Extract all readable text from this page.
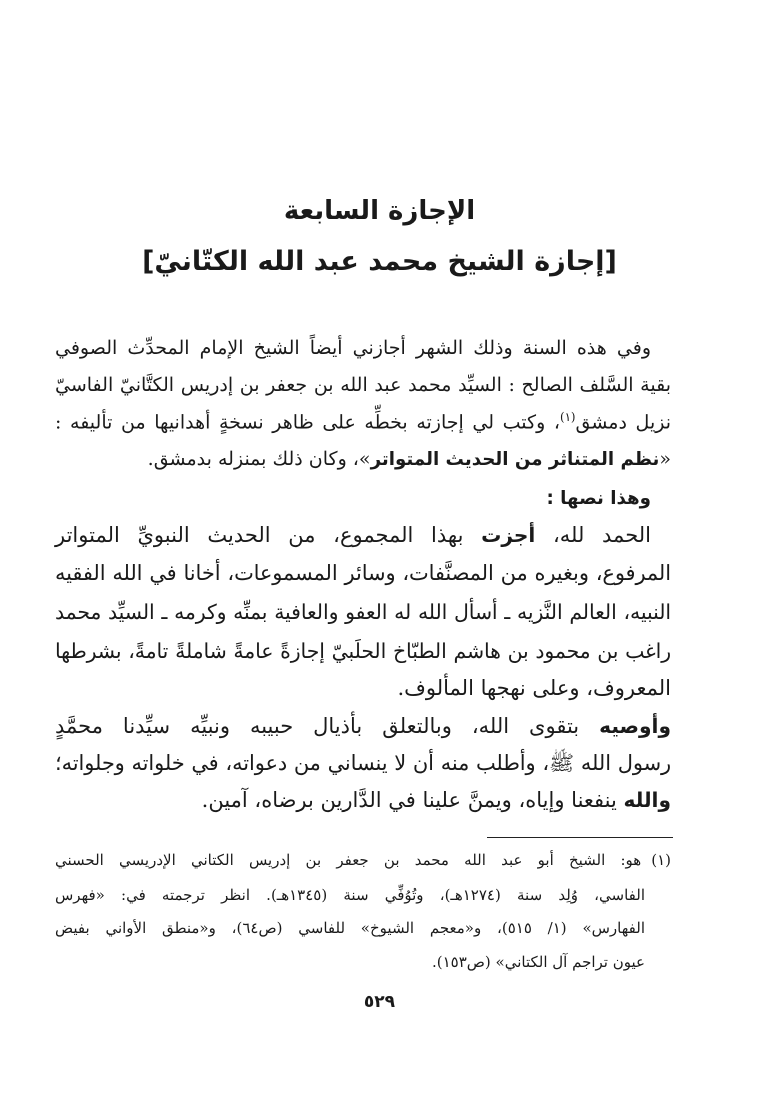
الإجازة السابعة
[إجازة الشيخ محمد عبد الله الكتّانيّ]

وفي هذه السنة وذلك الشهر أجازني أيضاً الشيخ الإمام المحدِّث الصوفي

بقية السَّلف الصالح : السيِّد محمد عبد الله بن جعفر بن إدريس الكتَّانيّ الفاسيّ

نزيل دمشق$^{(١)}$، وكتب لي إجازته بخطِّه على ظاهر نسخةٍ أهدانيها من تأليفه :

«نظم المتناثر من الحديث المتواتر»، وكان ذلك بمنزله بدمشق.

وهذا نصها :

الحمد لله، أجزت بهذا المجموع، من الحديث النبويِّ المتواتر

المرفوع، وبغيره من المصنَّفات، وسائر المسموعات، أخانا في الله الفقيه

النبيه، العالم النَّزيه ـ أسأل الله له العفو والعافية بمنِّه وكرمه ـ السيِّد محمد

راغب بن محمود بن هاشم الطبّاخ الحلَبيّ إجازةً عامةً شاملةً تامةً، بشرطها

المعروف، وعلى نهجها المألوف.

وأوصيه بتقوى الله، وبالتعلق بأذيال حبيبه ونبيِّه سيِّدنا محمَّدٍ

رسول الله ﷺ، وأطلب منه أن لا ينساني من دعواته، في خلواته وجلواته؛

والله ينفعنا وإياه، ويمنَّ علينا في الدَّارين برضاه، آمين.

(١)هو: الشيخ أبو عبد الله محمد بن جعفر بن إدريس الكتاني الإدريسي الحسني

الفاسي، وُلِد سنة (١٢٧٤هـ)، وتُوُفِّي سنة (١٣٤٥هـ). انظر ترجمته في: «فهرس

الفهارس» (١/ ٥١٥)، و«معجم الشيوخ» للفاسي (ص٦٤)، و«منطق الأواني بفيض

عيون تراجم آل الكتاني» (ص١٥٣).

٥٢٩
